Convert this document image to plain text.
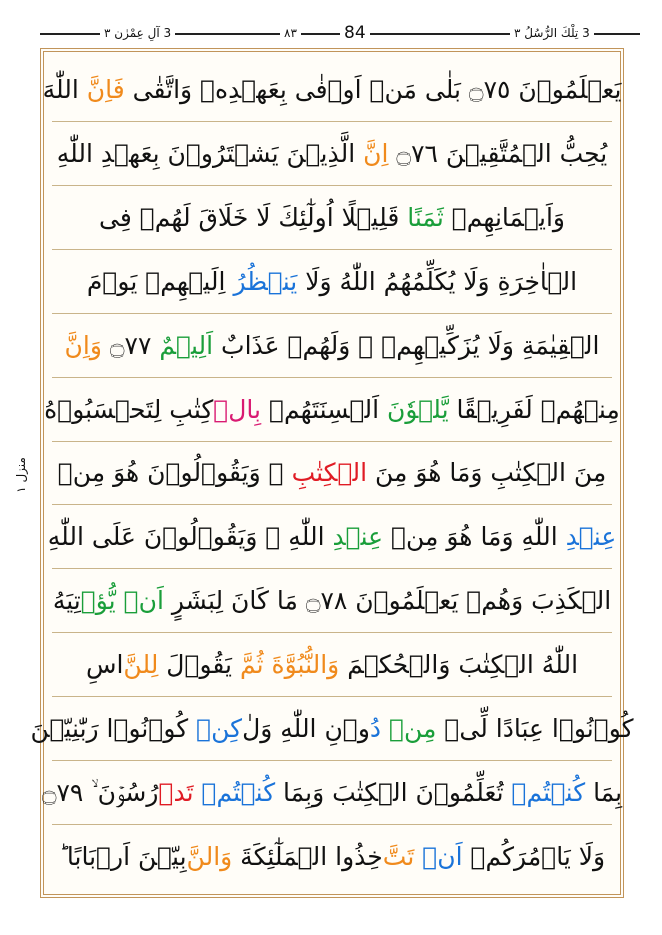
3 آلِ عِمْرٰن ٣	٨٣	84	3 تِلْكَ الرُّسُلُ ٣
منزل ١
يَعۡلَمُوۡنَ ۝٧٥ بَلٰى مَنۡ اَوۡفٰى بِعَهۡدِهٖ وَاتَّقٰى
فَاِنَّ
اللّٰهَ
يُحِبُّ الۡمُتَّقِيۡنَ ۝٧٦
اِنَّ
الَّذِيۡنَ يَشۡتَرُوۡنَ بِعَهۡدِ اللّٰهِ
وَاَيۡمَانِهِمۡ
ثَمَنًا
قَلِيۡلًا اُولٰٓئِكَ لَا خَلَاقَ لَهُمۡ فِى
الۡاٰخِرَةِ وَلَا يُكَلِّمُهُمُ اللّٰهُ وَلَا
يَنۡظُرُ
اِلَيۡهِمۡ يَوۡمَ
الۡقِيٰمَةِ وَلَا يُزَكِّيۡهِمۡ ۖ وَلَهُمۡ عَذَابٌ
اَلِيۡمٌ
۝٧٧
وَاِنَّ
مِنۡهُمۡ لَفَرِيۡقًا
يَّلۡوٗنَ
اَلۡسِنَتَهُمۡ
بِالۡ
كِتٰبِ لِتَحۡسَبُوۡهُ
مِنَ الۡكِتٰبِ وَمَا هُوَ مِنَ
الۡكِتٰبِ
ۚ وَيَقُوۡلُوۡنَ هُوَ مِنۡ
عِنۡدِ
اللّٰهِ وَمَا هُوَ مِنۡ
عِنۡدِ
اللّٰهِ ۚ وَيَقُوۡلُوۡنَ عَلَى اللّٰهِ
الۡكَذِبَ وَهُمۡ يَعۡلَمُوۡنَ ۝٧٨ مَا كَانَ لِبَشَرٍ
اَنۡ يُّؤۡ
تِيَهُ
اللّٰهُ الۡكِتٰبَ وَالۡحُكۡمَ
وَالنُّبُوَّةَ

ثُمَّ
يَقُوۡلَ
لِلنَّ
اسِ
كُوۡنُوۡا عِبَادًا لِّىۡ
مِنۡ

دُ
وۡنِ اللّٰهِ وَلٰ
كِنۡ
كُوۡنُوۡا رَبّٰنِيّٖنَ
بِمَا
كُنۡتُمۡ
تُعَلِّمُوۡنَ الۡكِتٰبَ وَبِمَا
كُنۡتُمۡ
تَدۡ
رُسُوۡنَ ۙ ۝٧٩
وَلَا يَاۡمُرَكُمۡ
اَنۡ

تَتَّ
خِذُوا الۡمَلٰٓئِكَةَ
وَالنَّ
بِيّٖنَ اَرۡبَابًا ؕ
